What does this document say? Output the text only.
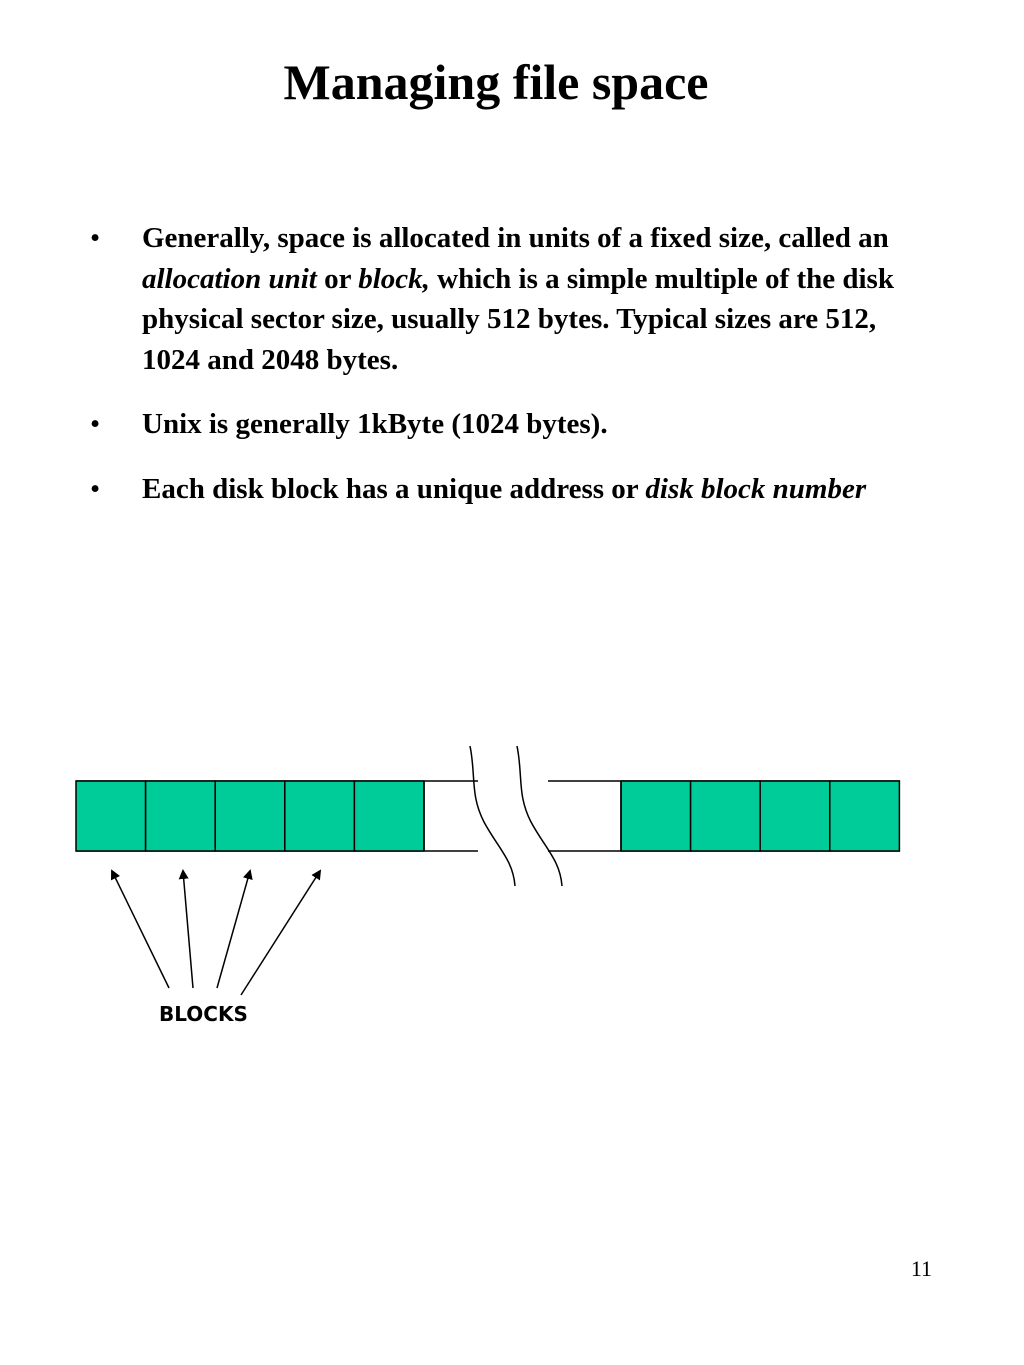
Managing file space
• Generally, space is allocated in units of a fixed size, called an allocation unit or block, which is a simple multiple of the disk physical sector size, usually 512 bytes. Typical sizes are 512, 1024 and 2048 bytes.
• Unix is generally 1kByte (1024 bytes).
• Each disk block has a unique address or disk block number
BLOCKS
11
